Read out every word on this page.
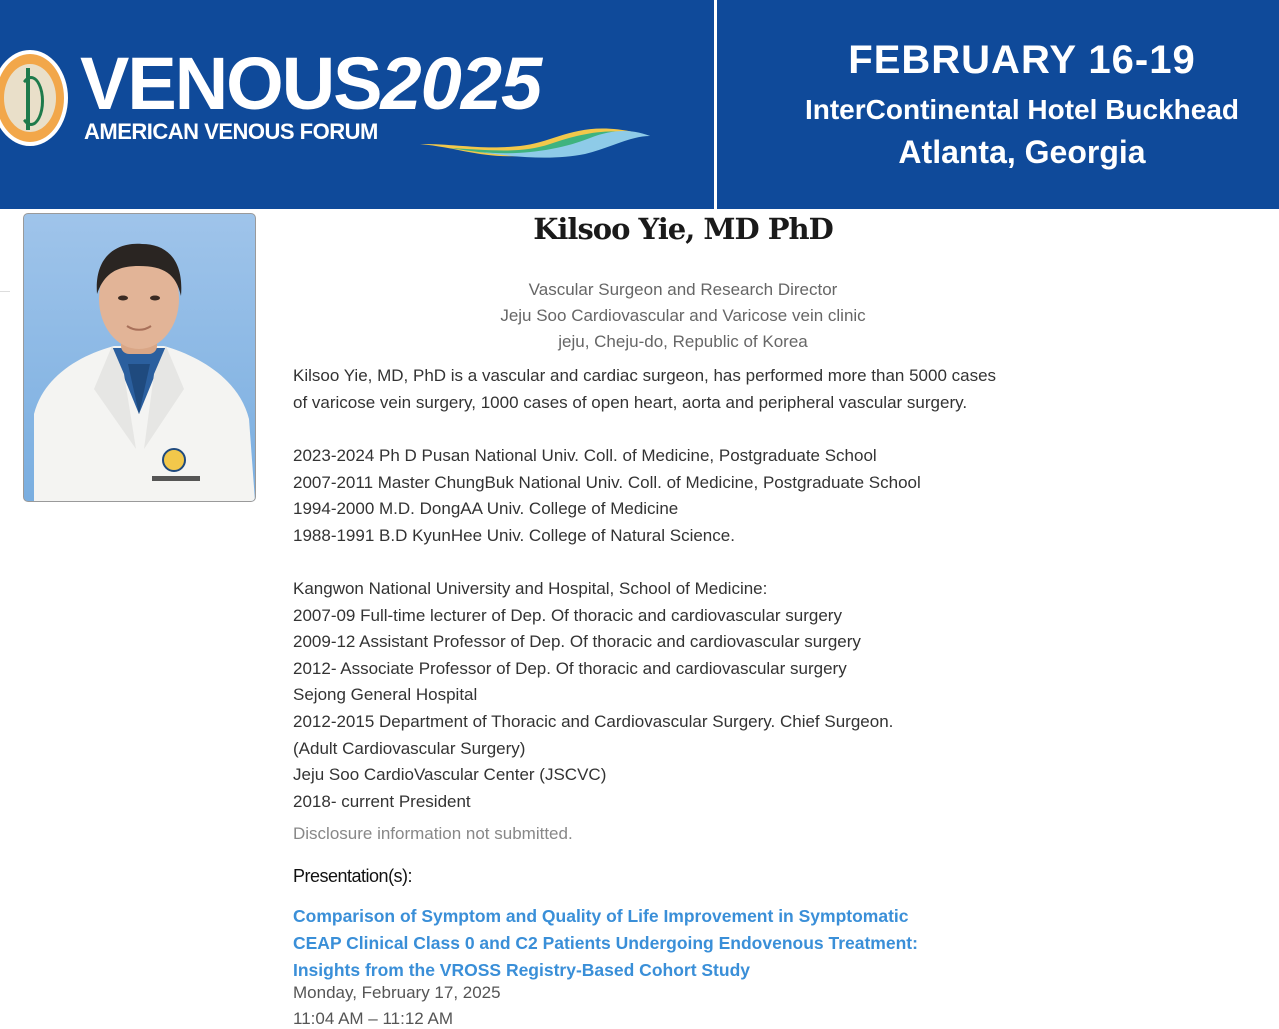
VENOUS2025
AMERICAN VENOUS FORUM
FEBRUARY 16-19
InterContinental Hotel Buckhead
Atlanta, Georgia
Kilsoo Yie, MD PhD
Vascular Surgeon and Research Director
Jeju Soo Cardiovascular and Varicose vein clinic
jeju, Cheju-do, Republic of Korea
Kilsoo Yie, MD, PhD is a vascular and cardiac surgeon, has performed more than 5000 cases
of varicose vein surgery, 1000 cases of open heart, aorta and peripheral vascular surgery.
2023-2024 Ph D Pusan National Univ. Coll. of Medicine, Postgraduate School
2007-2011 Master ChungBuk National Univ. Coll. of Medicine, Postgraduate School
1994-2000 M.D. DongAA Univ. College of Medicine
1988-1991 B.D KyunHee Univ. College of Natural Science.
Kangwon National University and Hospital, School of Medicine:
2007-09 Full-time lecturer of Dep. Of thoracic and cardiovascular surgery
2009-12 Assistant Professor of Dep. Of thoracic and cardiovascular surgery
2012- Associate Professor of Dep. Of thoracic and cardiovascular surgery
Sejong General Hospital
2012-2015 Department of Thoracic and Cardiovascular Surgery. Chief Surgeon.
(Adult Cardiovascular Surgery)
Jeju Soo CardioVascular Center (JSCVC)
2018- current President
Disclosure information not submitted.
Presentation(s):
Comparison of Symptom and Quality of Life Improvement in Symptomatic
CEAP Clinical Class 0 and C2 Patients Undergoing Endovenous Treatment:
Insights from the VROSS Registry-Based Cohort Study
Monday, February 17, 2025
11:04 AM – 11:12 AM
